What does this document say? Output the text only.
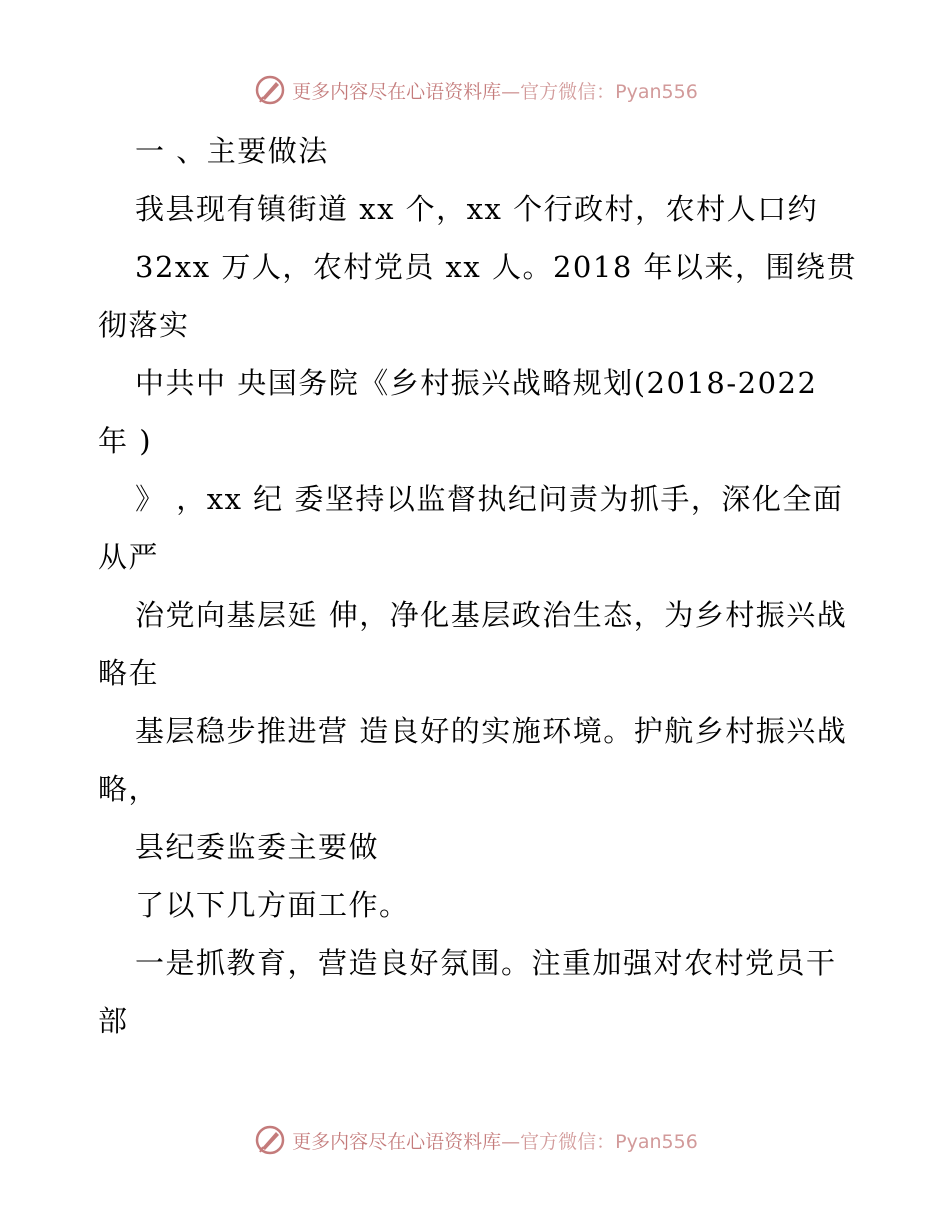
更多内容尽在心语资料库 —官方微信：Pyan556

一 、主要做法

我县现有镇街道 xx 个，xx 个行政村，农村人口约

32xx 万人，农村党员 xx 人。2018 年以来，围绕贯彻落实

中共中 央国务院《乡村振兴战略规划(2018-2022 年 )

》 ，xx 纪 委坚持以监督执纪问责为抓手，深化全面从严

治党向基层延 伸，净化基层政治生态，为乡村振兴战略在

基层稳步推进营 造良好的实施环境。护航乡村振兴战略，

县纪委监委主要做

了以下几方面工作。

一是抓教育，营造良好氛围。注重加强对农村党员干部

更多内容尽在心语资料库 —官方微信：Pyan556
